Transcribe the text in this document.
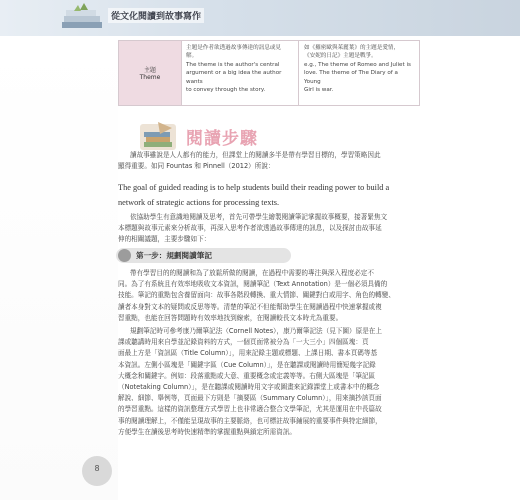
從文化閱讀到故事寫作
主題
Theme
主題是作者欲透過故事傳達的訊息或見
解。
The theme is the author's central
argument or a big idea the author wants
to convey through the story.
如《羅密歐與茱麗葉》的主題是愛情，
《安妮的日記》主題是戰爭。
e.g., The theme of Romeo and Juliet is
love. The theme of The Diary of a Young
Girl is war.
閱讀步驟
讀故事雖說是人人都有的能力，但課堂上的閱讀多半是帶有學習目標的，學習策略因此
顯得重要。如同 Fountas 和 Pinnell（2012）所說：
The goal of guided reading is to help students build their reading power to build a
network of strategic actions for processing texts.
依協助學生有意識地閱讀及思考，首先可帶學生繪製閱讀筆記掌握故事概要，接著緊焦文
本標題與故事元素來分析故事，再深入思考作者欲透過故事傳達的訊息，以及探討由故事延
伸的相關議題，主要步驟如下：
第一步：規劃閱讀筆記
帶有學習目的的閱讀和為了放鬆所做的閱讀，在過程中需要的專注與深入程度必定不
同。為了有系統且有效率地吸收文本資訊，閱讀筆記（Text Annotation）是一個必須具備的
技能。筆記的重點包含養留面向：故事各階段轉換、重大情節、關鍵對白或用字、角色的轉變、
讀者本身對文本的疑問或反思等等。清楚的筆記不但能幫助學生在閱讀過程中快速掌握或複
習重點，也能在回答問題時有效率地找到線索，在閱讀較長文本時尤為重要。
規劃筆記時可參考康乃爾筆記法（Cornell Notes），康乃爾筆記法（見下圖）原是在上
課或聽講時用來自學並記錄資料的方式，一個頁面常被分為「一大三小」四個區塊：頁
面最上方是「資訊區（Title Column）」，用來記錄主題或標題、上課日期、書本頁碼等基
本資訊。左側小區塊是「關鍵字區（Cue Column）」，是在聽課或閱讀時用簡短幾字記錄
大概念和關鍵字。例如：段落重點或大意、重要概念或定義等等。右側大區塊是「筆記區
（Notetaking Column）」，是在聽課或閱讀時用文字或圖畫來記錄課堂上或書本中的概念
解說、細節、舉例等，頁面最下方則是「摘要區（Summary Column）」，用來摘抄該頁面
的學習重點。這樣的資訊整理方式學習上也非常適合整合文學筆記，尤其是運用在中長篇故
事的閱讀理解上，不僅能呈現故事的主要脈絡，也可標註故事鋪展的重要事件與特定細節，
方便學生在讀後思考時快速精準的掌握重點與鎖定所需資訊。
8
